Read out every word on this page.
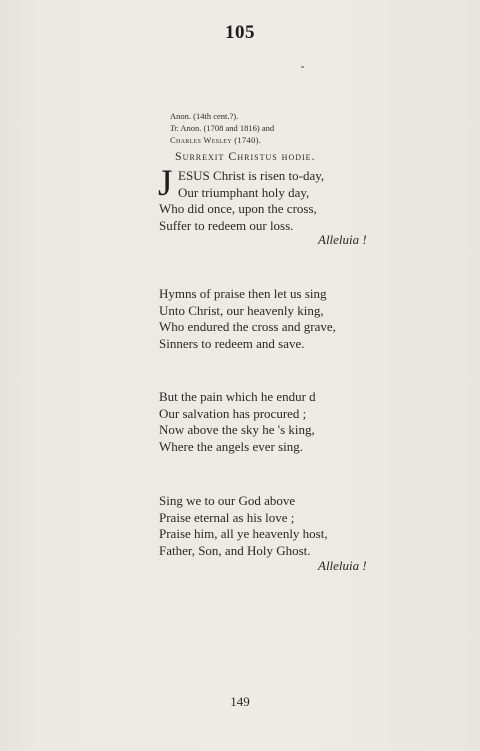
105
Anon. (14th cent.?).
Tr. Anon. (1708 and 1816) and
Charles Wesley (1740).
Surrexit Christus hodie.
J ESUS Christ is risen to-day,
Our triumphant holy day,
Who did once, upon the cross,
Suffer to redeem our loss.
Alleluia !
Hymns of praise then let us sing
Unto Christ, our heavenly king,
Who endured the cross and grave,
Sinners to redeem and save.
But the pain which he endur d
Our salvation has procured ;
Now above the sky he 's king,
Where the angels ever sing.
Sing we to our God above
Praise eternal as his love ;
Praise him, all ye heavenly host,
Father, Son, and Holy Ghost.
Alleluia !
149
